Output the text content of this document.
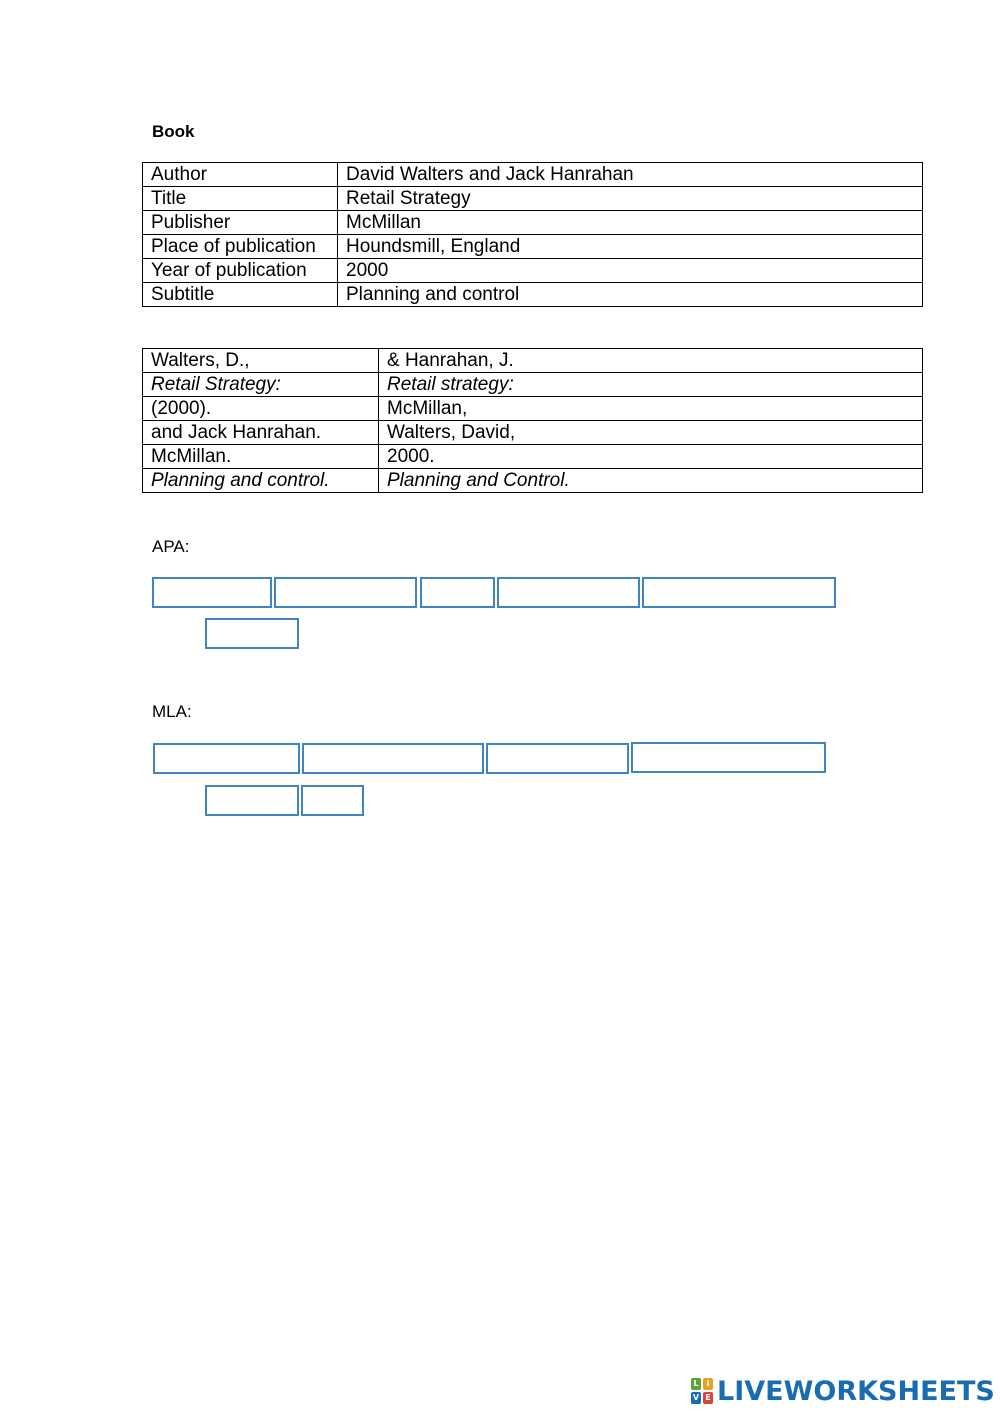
Book
Author	David Walters and Jack Hanrahan
Title	Retail Strategy
Publisher	McMillan
Place of publication	Houndsmill, England
Year of publication	2000
Subtitle	Planning and control
Walters, D.,	& Hanrahan, J.
Retail Strategy:	Retail strategy:
(2000).	McMillan,
and Jack Hanrahan.	Walters, David,
McMillan.	2000.
Planning and control.	Planning and Control.

APA:

MLA:

L I
V E LIVEWORKSHEETS
